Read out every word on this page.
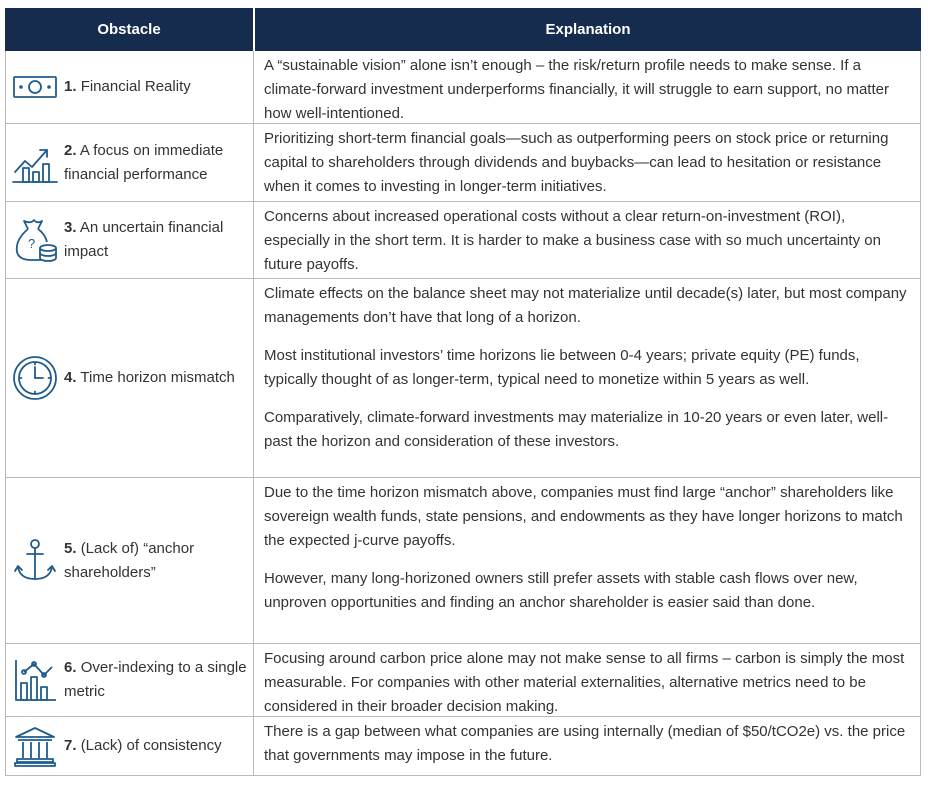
Obstacle	Explanation
1. Financial Reality

A “sustainable vision” alone isn’t enough – the risk/return profile needs to make sense. If a climate-forward investment underperforms financially, it will struggle to earn support, no matter how well-intentioned.

2. A focus on immediate financial performance

Prioritizing short-term financial goals—such as outperforming peers on stock price or returning capital to shareholders through dividends and buybacks—can lead to hesitation or resistance when it comes to investing in longer-term initiatives.

?
3. An uncertain financial impact

Concerns about increased operational costs without a clear return-on-investment (ROI), especially in the short term. It is harder to make a business case with so much uncertainty on future payoffs.

4. Time horizon mismatch

Climate effects on the balance sheet may not materialize until decade(s) later, but most company managements don’t have that long of a horizon.

Most institutional investors’ time horizons lie between 0-4 years; private equity (PE) funds, typically thought of as longer-term, typical need to monetize within 5 years as well.

Comparatively, climate-forward investments may materialize in 10-20 years or even later, well-past the horizon and consideration of these investors.

5. (Lack of) “anchor shareholders”

Due to the time horizon mismatch above, companies must find large “anchor” shareholders like sovereign wealth funds, state pensions, and endowments as they have longer horizons to match the expected j-curve payoffs.

However, many long-horizoned owners still prefer assets with stable cash flows over new, unproven opportunities and finding an anchor shareholder is easier said than done.

6. Over-indexing to a single metric

Focusing around carbon price alone may not make sense to all firms – carbon is simply the most measurable. For companies with other material externalities, alternative metrics need to be considered in their broader decision making.

7. (Lack) of consistency

There is a gap between what companies are using internally (median of $50/tCO2e) vs. the price that governments may impose in the future.
